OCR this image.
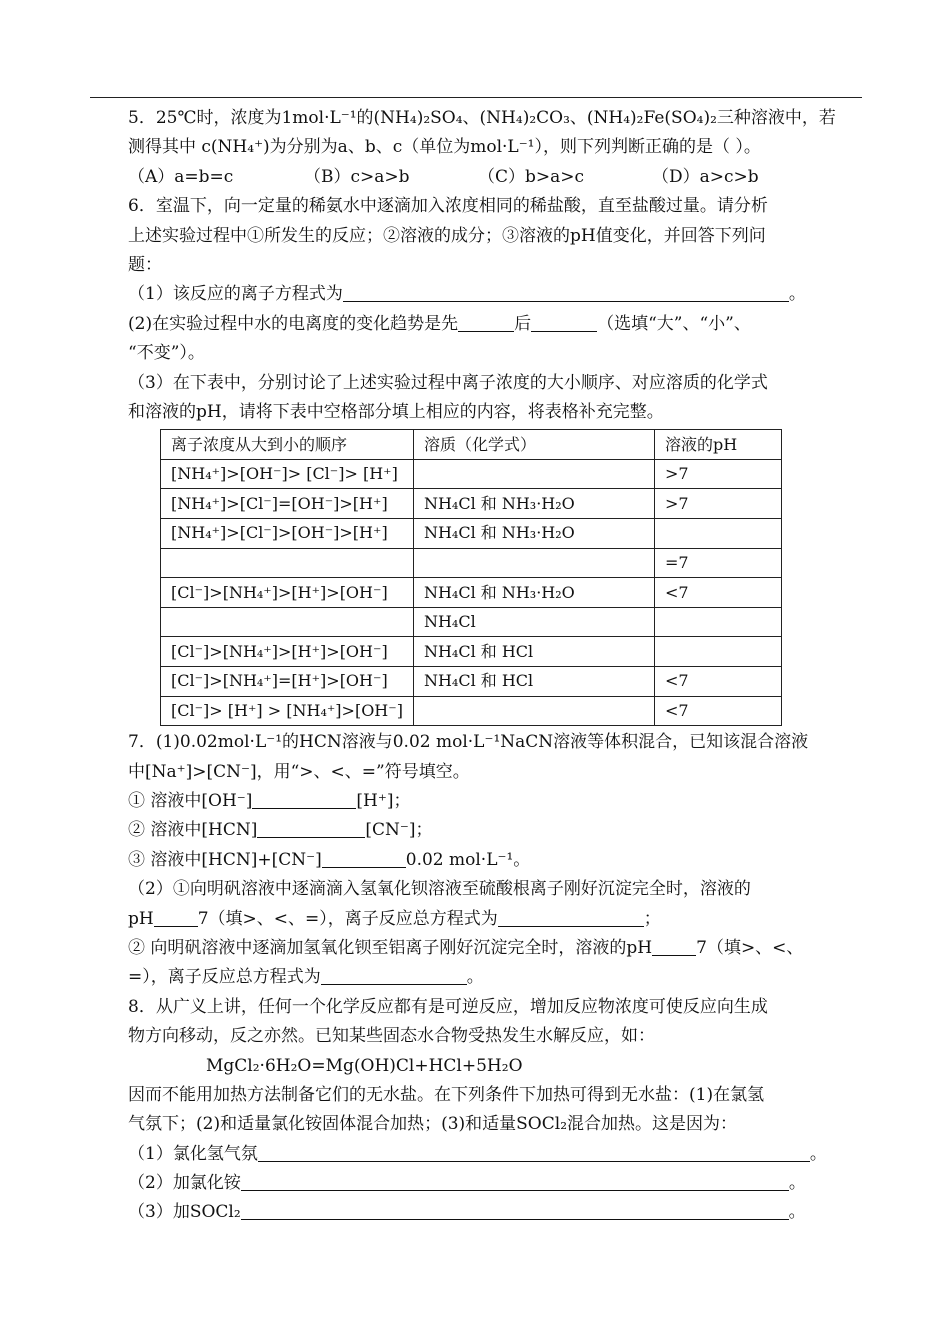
5．25℃时，浓度为1mol·L⁻¹的(NH₄)₂SO₄、(NH₄)₂CO₃、(NH₄)₂Fe(SO₄)₂三种溶液中，若
测得其中 c(NH₄⁺)为分别为a、b、c（单位为mol·L⁻¹），则下列判断正确的是（ ）。
（A）a=b=c	（B）c>a>b	（C）b>a>c	（D）a>c>b
6．室温下，向一定量的稀氨水中逐滴加入浓度相同的稀盐酸，直至盐酸过量。请分析
上述实验过程中①所发生的反应；②溶液的成分；③溶液的pH值变化，并回答下列问
题：
（1）该反应的离子方程式为	。
(2)在实验过程中水的电离度的变化趋势是先	后	（选填“大”、“小”、
“不变”）。
（3）在下表中，分别讨论了上述实验过程中离子浓度的大小顺序、对应溶质的化学式
和溶液的pH，请将下表中空格部分填上相应的内容，将表格补充完整。
离子浓度从大到小的顺序	溶质（化学式）	溶液的pH
[NH₄⁺]>[OH⁻]> [Cl⁻]> [H⁺]		>7
[NH₄⁺]>[Cl⁻]=[OH⁻]>[H⁺]	NH₄Cl 和 NH₃·H₂O	>7
[NH₄⁺]>[Cl⁻]>[OH⁻]>[H⁺]	NH₄Cl 和 NH₃·H₂O	
		=7
[Cl⁻]>[NH₄⁺]>[H⁺]>[OH⁻]	NH₄Cl 和 NH₃·H₂O	<7
	NH₄Cl	
[Cl⁻]>[NH₄⁺]>[H⁺]>[OH⁻]	NH₄Cl 和 HCl	
[Cl⁻]>[NH₄⁺]=[H⁺]>[OH⁻]	NH₄Cl 和 HCl	<7
[Cl⁻]> [H⁺] > [NH₄⁺]>[OH⁻]		<7
7．(1)0.02mol·L⁻¹的HCN溶液与0.02 mol·L⁻¹NaCN溶液等体积混合，已知该混合溶液
中[Na⁺]>[CN⁻]，用“>、<、=”符号填空。
① 溶液中[OH⁻]	[H⁺]；
② 溶液中[HCN]	[CN⁻]；
③ 溶液中[HCN]+[CN⁻]	0.02 mol·L⁻¹。
（2）①向明矾溶液中逐滴滴入氢氧化钡溶液至硫酸根离子刚好沉淀完全时，溶液的
pH	7（填>、<、=），离子反应总方程式为	；
② 向明矾溶液中逐滴加氢氧化钡至铝离子刚好沉淀完全时，溶液的pH	7（填>、<、
=），离子反应总方程式为	。
8．从广义上讲，任何一个化学反应都有是可逆反应，增加反应物浓度可使反应向生成
物方向移动，反之亦然。已知某些固态水合物受热发生水解反应，如：
MgCl₂·6H₂O=Mg(OH)Cl+HCl+5H₂O
因而不能用加热方法制备它们的无水盐。在下列条件下加热可得到无水盐：(1)在氯氢
气氛下；(2)和适量氯化铵固体混合加热；(3)和适量SOCl₂混合加热。这是因为：
（1）氯化氢气氛	。
（2）加氯化铵	。
（3）加SOCl₂	。
